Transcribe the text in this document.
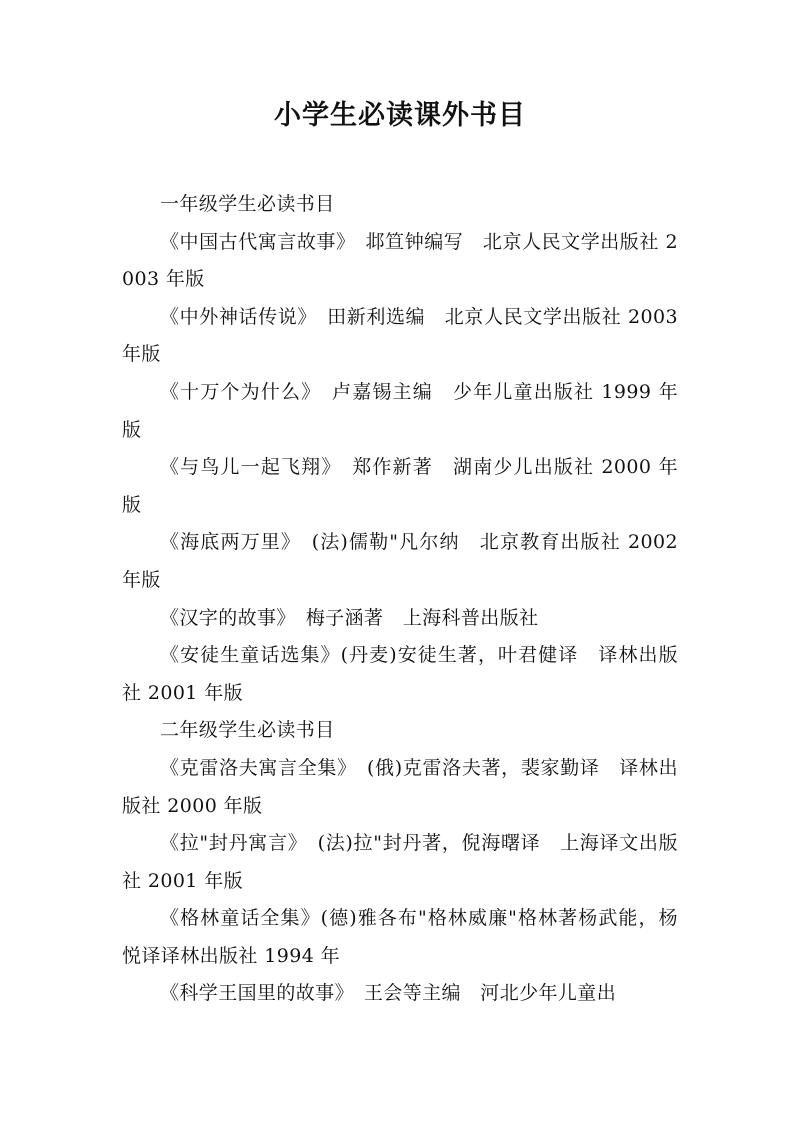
小学生必读课外书目

一年级学生必读书目

《中国古代寓言故事》　邶笪钟编写　北京人民文学出版社 2003 年版

《中外神话传说》　田新利选编　北京人民文学出版社 2003 年版

《十万个为什么》　卢嘉锡主编　少年儿童出版社 1999 年版

《与鸟儿一起飞翔》　郑作新著　湖南少儿出版社 2000 年版

《海底两万里》　(法)儒勒"凡尔纳　北京教育出版社 2002 年版

《汉字的故事》　梅子涵著　上海科普出版社

《安徒生童话选集》(丹麦)安徒生著，叶君健译　译林出版社 2001 年版

二年级学生必读书目

《克雷洛夫寓言全集》　(俄)克雷洛夫著，裴家勤译　译林出版社 2000 年版

《拉"封丹寓言》　(法)拉"封丹著，倪海曙译　上海译文出版社 2001 年版

《格林童话全集》(德)雅各布"格林威廉"格林著杨武能，杨悦译译林出版社 1994 年

《科学王国里的故事》　王会等主编　河北少年儿童出
